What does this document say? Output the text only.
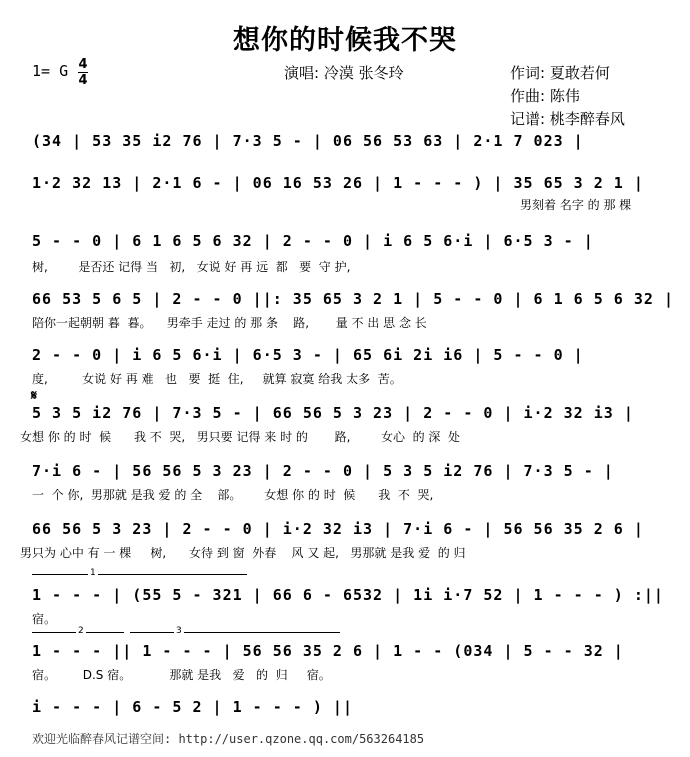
想你的时候我不哭
1= G 4
4	演唱: 冷漠 张冬玲	作词: 夏敢若何
作曲: 陈伟
记谱: 桃李醉春风
(34 | 53 35 i2 76 | 7·3 5 - | 06 56 53 63 | 2·1 7 023 |
1·2 32 13 | 2·1 6 - | 06 16 53 26 | 1 - - - ) | 35 65 3 2 1 |
男刻着 名字 的 那 棵
5 - - 0 | 6 1 6 5 6 32 | 2 - - 0 | i 6 5 6·i | 6·5 3 - |
树,        是否还 记得 当   初,   女说 好 再 远  都   要  守 护,
66 53 5 6 5 | 2 - - 0 ||: 35 65 3 2 1 | 5 - - 0 | 6 1 6 5 6 32 |
陪你一起朝朝 暮  暮。    男牵手 走过 的 那 条    路,       量 不 出 思 念 长
2 - - 0 | i 6 5 6·i | 6·5 3 - | 65 6i 2i i6 | 5 - - 0 |
度,         女说 好 再 难   也   要  挺  住,     就算 寂寞 给我 太多  苦。
𝄋
5 3 5 i2 76 | 7·3 5 - | 66 56 5 3 23 | 2 - - 0 | i·2 32 i3 |
女想 你 的 时  候      我 不  哭,   男只要 记得 来 时 的       路,        女心  的 深  处
7·i 6 - | 56 56 5 3 23 | 2 - - 0 | 5 3 5 i2 76 | 7·3 5 - |
一  个 你,  男那就 是我 爱 的 全    部。      女想 你 的 时  候      我  不  哭,
66 56 5 3 23 | 2 - - 0 | i·2 32 i3 | 7·i 6 - | 56 56 35 2 6 |
男只为 心中 有 一 棵     树,      女待 到 窗  外春    风 又 起,   男那就 是我 爱  的 归
1
1 - - - | (55 5 - 321 | 66 6 - 6532 | 1i i·7 52 | 1 - - - ) :||
宿。
2	3
1 - - - || 1 - - - | 56 56 35 2 6 | 1 - - (034 | 5 - - 32 |
宿。       D.S 宿。          那就 是我   爱   的  归     宿。
i - - - | 6 - 5 2 | 1 - - - ) ||
欢迎光临醉春风记谱空间: http://user.qzone.qq.com/563264185
